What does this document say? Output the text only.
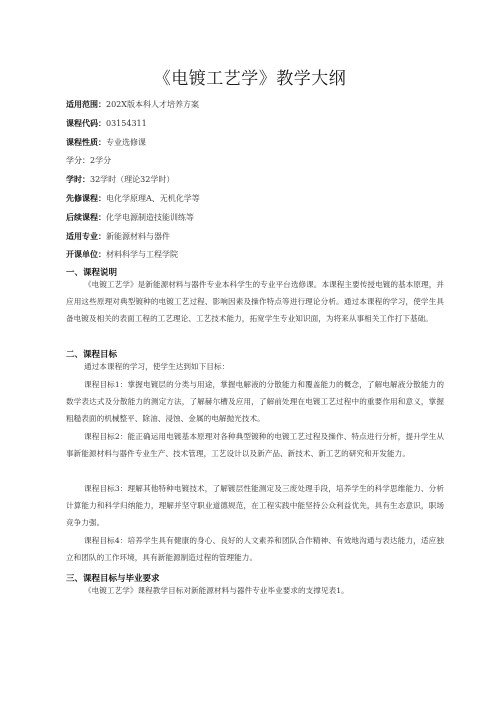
《电镀工艺学》教学大纲
适用范围：202X版本科人才培养方案
课程代码：03154311
课程性质：专业选修课
学分：2学分
学时：32学时（理论32学时）
先修课程：电化学原理A、无机化学等
后续课程：化学电源制造技能训练等
适用专业：新能源材料与器件
开课单位：材料科学与工程学院
一、课程说明
《电镀工艺学》是新能源材料与器件专业本科学生的专业平台选修课。本课程主要传授电镀的基本原理，并应用这些原理对典型镀种的电镀工艺过程、影响因素及操作特点等进行理论分析。通过本课程的学习，使学生具备电镀及相关的表面工程的工艺理论、工艺技术能力，拓宽学生专业知识面，为将来从事相关工作打下基础。
二、课程目标
通过本课程的学习，使学生达到如下目标：
课程目标1：掌握电镀层的分类与用途，掌握电解液的分散能力和覆盖能力的概念，了解电解液分散能力的数学表达式及分散能力的测定方法，了解赫尔槽及应用，了解前处理在电镀工艺过程中的重要作用和意义，掌握粗糙表面的机械整平、除油、浸蚀、金属的电解抛光技术。
课程目标2：能正确运用电镀基本原理对各种典型镀种的电镀工艺过程及操作、特点进行分析，提升学生从事新能源材料与器件专业生产、技术管理，工艺设计以及新产品、新技术、新工艺的研究和开发能力。
课程目标3：理解其他特种电镀技术，了解镀层性能测定及三废处理手段，培养学生的科学思维能力、分析计算能力和科学归纳能力，理解并坚守职业道德规范，在工程实践中能坚持公众利益优先，具有生态意识，职场竞争力强。
课程目标4：培养学生具有健康的身心、良好的人文素养和团队合作精神、有效地沟通与表达能力，适应独立和团队的工作环境，具有新能源制造过程的管理能力。
三、课程目标与毕业要求
《电镀工艺学》课程教学目标对新能源材料与器件专业毕业要求的支撑见表1。
